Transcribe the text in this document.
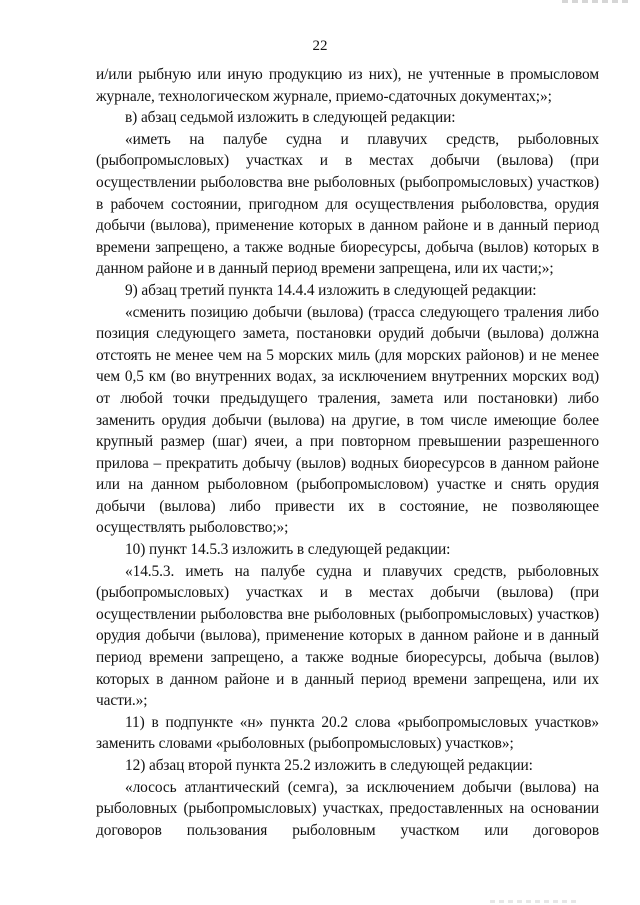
22

и/или рыбную или иную продукцию из них), не учтенные в промысловом журнале, технологическом журнале, приемо-сдаточных документах;»;

в) абзац седьмой изложить в следующей редакции:

«иметь на палубе судна и плавучих средств, рыболовных (рыбопромысловых) участках и в местах добычи (вылова) (при осуществлении рыболовства вне рыболовных (рыбопромысловых) участков) в рабочем состоянии, пригодном для осуществления рыболовства, орудия добычи (вылова), применение которых в данном районе и в данный период времени запрещено, а также водные биоресурсы, добыча (вылов) которых в данном районе и в данный период времени запрещена, или их части;»;

9) абзац третий пункта 14.4.4 изложить в следующей редакции:

«сменить позицию добычи (вылова) (трасса следующего траления либо позиция следующего замета, постановки орудий добычи (вылова) должна отстоять не менее чем на 5 морских миль (для морских районов) и не менее чем 0,5 км (во внутренних водах, за исключением внутренних морских вод) от любой точки предыдущего траления, замета или постановки) либо заменить орудия добычи (вылова) на другие, в том числе имеющие более крупный размер (шаг) ячеи, а при повторном превышении разрешенного прилова – прекратить добычу (вылов) водных биоресурсов в данном районе или на данном рыболовном (рыбопромысловом) участке и снять орудия добычи (вылова) либо привести их в состояние, не позволяющее осуществлять рыболовство;»;

10) пункт 14.5.3 изложить в следующей редакции:

«14.5.3. иметь на палубе судна и плавучих средств, рыболовных (рыбопромысловых) участках и в местах добычи (вылова) (при осуществлении рыболовства вне рыболовных (рыбопромысловых) участков) орудия добычи (вылова), применение которых в данном районе и в данный период времени запрещено, а также водные биоресурсы, добыча (вылов) которых в данном районе и в данный период времени запрещена, или их части.»;

11) в подпункте «н» пункта 20.2 слова «рыбопромысловых участков» заменить словами «рыболовных (рыбопромысловых) участков»;

12) абзац второй пункта 25.2 изложить в следующей редакции:

«лосось атлантический (семга), за исключением добычи (вылова) на рыболовных (рыбопромысловых) участках, предоставленных на основании договоров пользования рыболовным участком или договоров
